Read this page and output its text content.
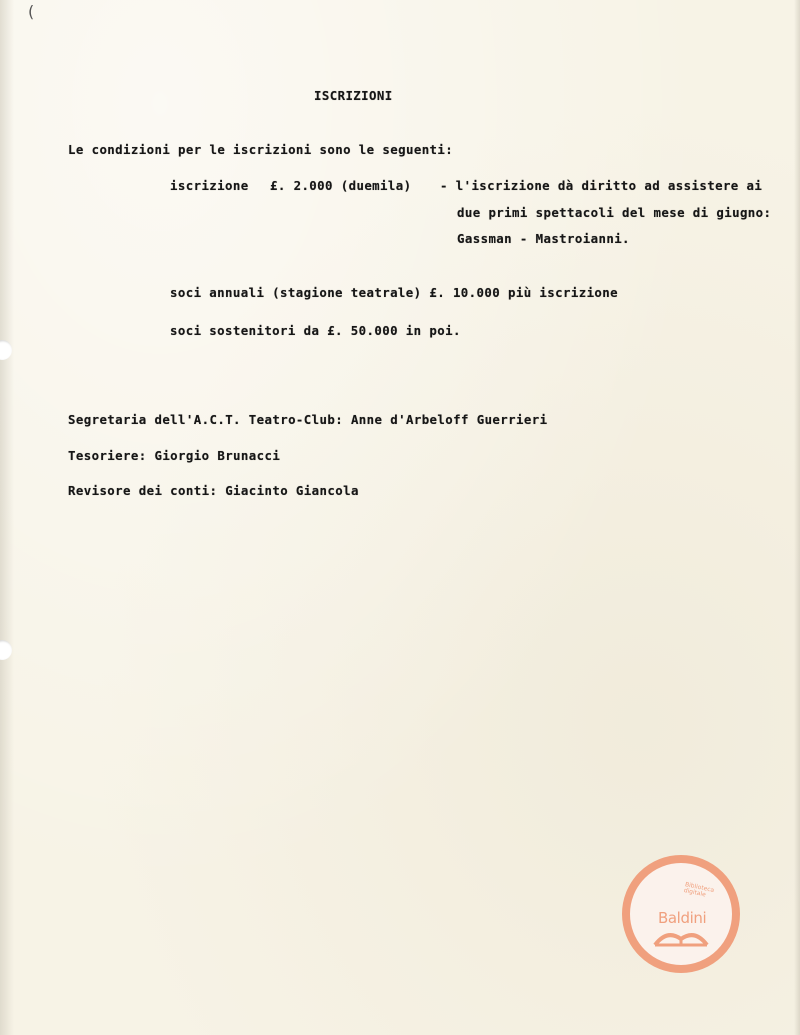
(
ISCRIZIONI
Le condizioni per le iscrizioni sono le seguenti:
iscrizione £. 2.000 (duemila) - l'iscrizione dà diritto ad assistere ai
due primi spettacoli del mese di giugno:
Gassman - Mastroianni.
soci annuali (stagione teatrale) £. 10.000 più iscrizione
soci sostenitori da £. 50.000 in poi.
Segretaria dell'A.C.T. Teatro-Club: Anne d'Arbeloff Guerrieri
Tesoriere: Giorgio Brunacci
Revisore dei conti: Giacinto Giancola
Biblioteca
digitale
Baldini
